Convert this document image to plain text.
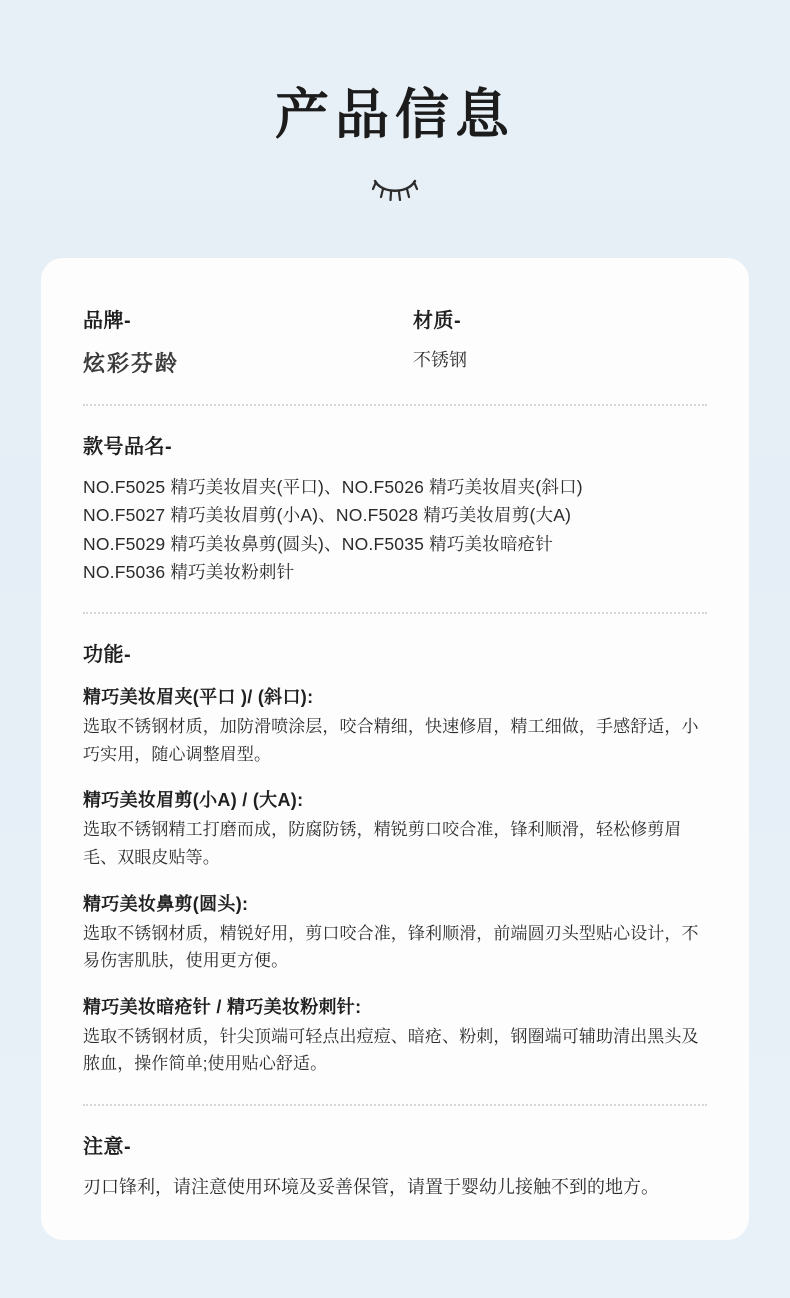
产品信息

品牌-

炫彩芬龄

材质-

不锈钢

款号品名-

NO.F5025 精巧美妆眉夹(平口)、NO.F5026 精巧美妆眉夹(斜口)

NO.F5027 精巧美妆眉剪(小A)、NO.F5028 精巧美妆眉剪(大A)

NO.F5029 精巧美妆鼻剪(圆头)、NO.F5035 精巧美妆暗疮针

NO.F5036 精巧美妆粉刺针

功能-

精巧美妆眉夹(平口 )/ (斜口):

选取不锈钢材质，加防滑喷涂层，咬合精细，快速修眉，精工细做，手感舒适，小巧实用，随心调整眉型。

精巧美妆眉剪(小A) / (大A):

选取不锈钢精工打磨而成，防腐防锈，精锐剪口咬合准，锋利顺滑，轻松修剪眉毛、双眼皮贴等。

精巧美妆鼻剪(圆头):

选取不锈钢材质，精锐好用，剪口咬合准，锋利顺滑，前端圆刃头型贴心设计，不易伤害肌肤，使用更方便。

精巧美妆暗疮针 / 精巧美妆粉刺针:

选取不锈钢材质，针尖顶端可轻点出痘痘、暗疮、粉刺，钢圈端可辅助清出黑头及脓血，操作简单;使用贴心舒适。

注意-

刃口锋利，请注意使用环境及妥善保管，请置于婴幼儿接触不到的地方。
